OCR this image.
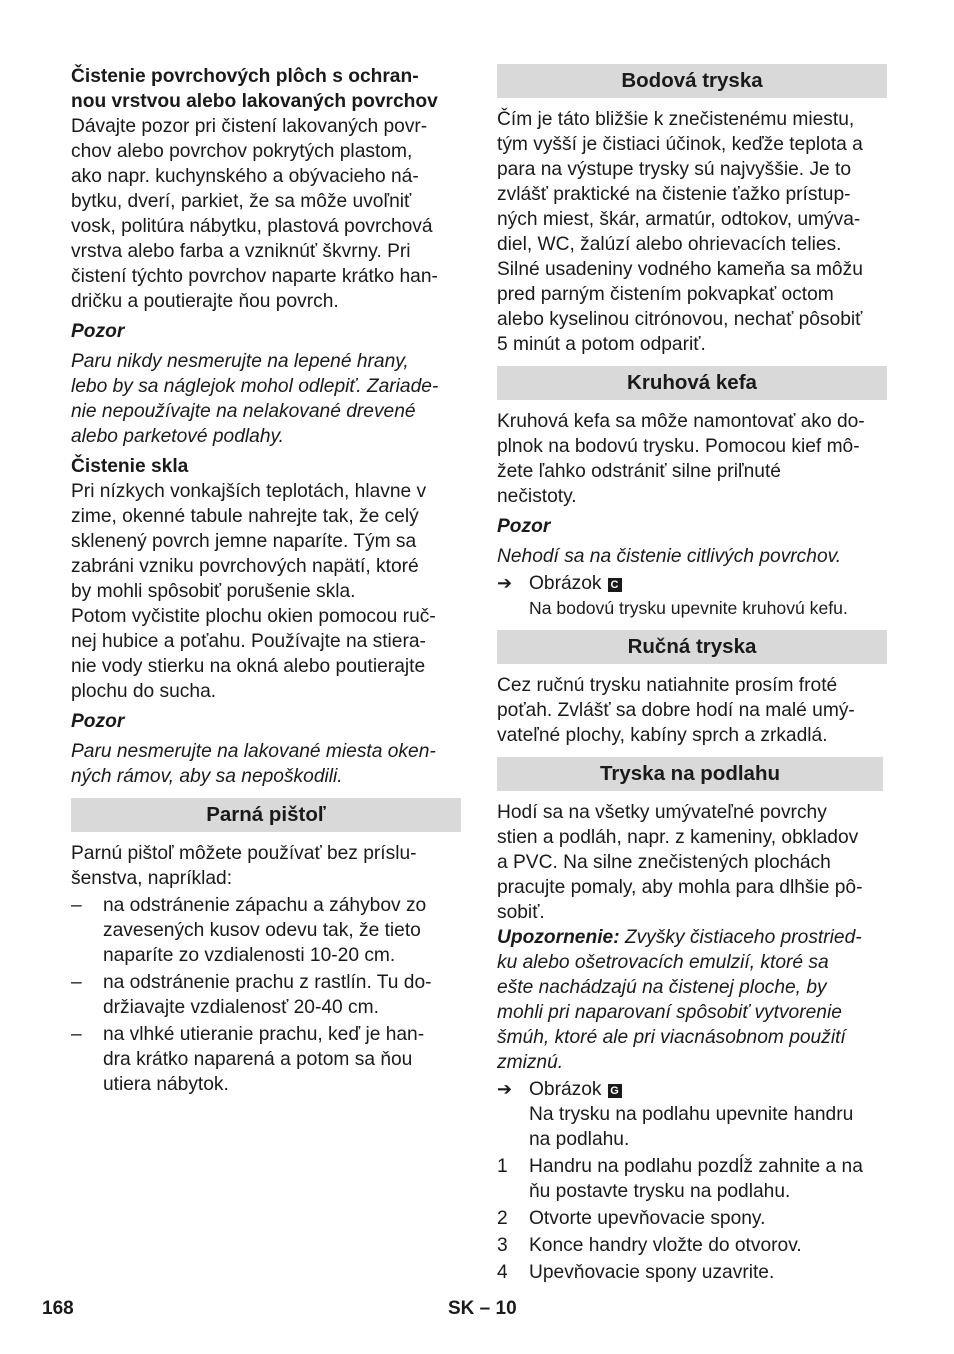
Čistenie povrchových plôch s ochran-
nou vrstvou alebo lakovaných povrchov

Dávajte pozor pri čistení lakovaných povr-
chov alebo povrchov pokrytých plastom,
ako napr. kuchynského a obývacieho ná-
bytku, dverí, parkiet, že sa môže uvoľniť
vosk, politúra nábytku, plastová povrchová
vrstva alebo farba a vzniknúť škvrny. Pri
čistení týchto povrchov naparte krátko han-
dričku a poutierajte ňou povrch.

Pozor

Paru nikdy nesmerujte na lepené hrany,
lebo by sa náglejok mohol odlepiť. Zariade-
nie nepoužívajte na nelakované drevené
alebo parketové podlahy.

Čistenie skla

Pri nízkych vonkajších teplotách, hlavne v
zime, okenné tabule nahrejte tak, že celý
sklenený povrch jemne naparíte. Tým sa
zabráni vzniku povrchových napätí, ktoré
by mohli spôsobiť porušenie skla.

Potom vyčistite plochu okien pomocou ruč-
nej hubice a poťahu. Používajte na stiera-
nie vody stierku na okná alebo poutierajte
plochu do sucha.

Pozor

Paru nesmerujte na lakované miesta oken-
ných rámov, aby sa nepoškodili.

Parná pištoľ

Parnú pištoľ môžete používať bez príslu-
šenstva, napríklad:

– na odstránenie zápachu a záhybov zo
zavesených kusov odevu tak, že tieto
naparíte zo vzdialenosti 10-20 cm.
– na odstránenie prachu z rastlín. Tu do-
držiavajte vzdialenosť 20-40 cm.
– na vlhké utieranie prachu, keď je han-
dra krátko naparená a potom sa ňou
utiera nábytok.
Bodová tryska

Čím je táto bližšie k znečistenému miestu,
tým vyšší je čistiaci účinok, keďže teplota a
para na výstupe trysky sú najvyššie. Je to
zvlášť praktické na čistenie ťažko prístup-
ných miest, škár, armatúr, odtokov, umýva-
diel, WC, žalúzí alebo ohrievacích telies.
Silné usadeniny vodného kameňa sa môžu
pred parným čistením pokvapkať octom
alebo kyselinou citrónovou, nechať pôsobiť
5 minút a potom odpariť.

Kruhová kefa

Kruhová kefa sa môže namontovať ako do-
plnok na bodovú trysku. Pomocou kief mô-
žete ľahko odstrániť silne priľnuté
nečistoty.

Pozor

Nehodí sa na čistenie citlivých povrchov.

➔ Obrázok C

Na bodovú trysku upevnite kruhovú kefu.

Ručná tryska

Cez ručnú trysku natiahnite prosím froté
poťah. Zvlášť sa dobre hodí na malé umý-
vateľné plochy, kabíny sprch a zrkadlá.

Tryska na podlahu

Hodí sa na všetky umývateľné povrchy
stien a podláh, napr. z kameniny, obkladov
a PVC. Na silne znečistených plochách
pracujte pomaly, aby mohla para dlhšie pô-
sobiť.

Upozornenie: Zvyšky čistiaceho prostried-
ku alebo ošetrovacích emulzií, ktoré sa
ešte nachádzajú na čistenej ploche, by
mohli pri naparovaní spôsobiť vytvorenie
šmúh, ktoré ale pri viacnásobnom použití
zmiznú.

➔ Obrázok G

Na trysku na podlahu upevnite handru
na podlahu.

1 Handru na podlahu pozdĺž zahnite a na
ňu postavte trysku na podlahu.
2 Otvorte upevňovacie spony.
3 Konce handry vložte do otvorov.
4 Upevňovacie spony uzavrite.
168	SK – 10
